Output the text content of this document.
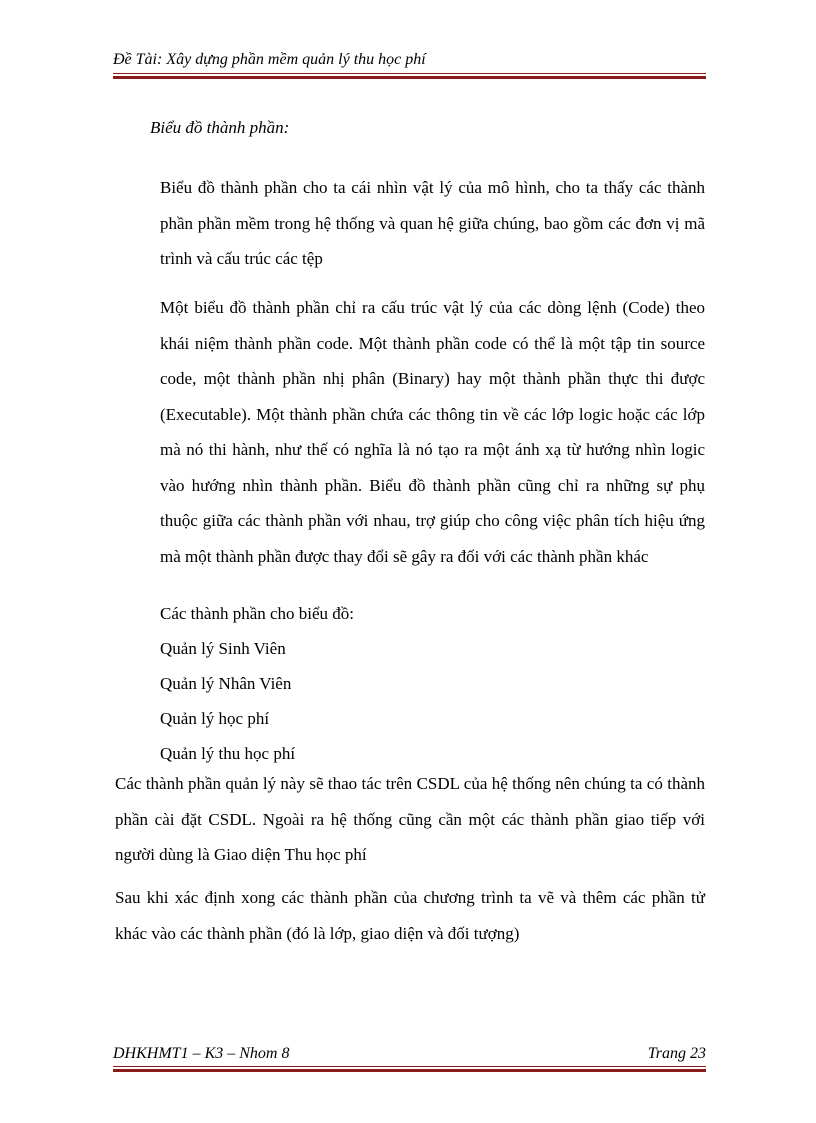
Đề Tài: Xây dựng phần mềm quản lý thu học phí
Biểu đồ thành phần:
Biểu đồ thành phần cho ta cái nhìn vật lý của mô hình, cho ta thấy các thành phần phần mềm trong hệ thống và quan hệ giữa chúng, bao gồm các đơn vị mã trình và cấu trúc các tệp
Một biểu đồ thành phần chỉ ra cấu trúc vật lý của các dòng lệnh (Code) theo khái niệm thành phần code. Một thành phần code có thể là một tập tin source code, một thành phần nhị phân (Binary) hay một thành phần thực thi được (Executable). Một thành phần chứa các thông tin về các lớp logic hoặc các lớp mà nó thi hành, như thế có nghĩa là nó tạo ra một ánh xạ từ hướng nhìn logic vào hướng nhìn thành phần. Biểu đồ thành phần cũng chỉ ra những sự phụ thuộc giữa các thành phần với nhau, trợ giúp cho công việc phân tích hiệu ứng mà một thành phần được thay đổi sẽ gây ra đối với các thành phần khác
Các thành phần cho biểu đồ:
Quản lý Sinh Viên
Quản lý Nhân Viên
Quản lý học phí
Quản lý thu học phí
Các thành phần quản lý này sẽ thao tác trên CSDL của hệ thống nên chúng ta có thành phần cài đặt CSDL. Ngoài ra hệ thống cũng cần một các thành phần giao tiếp với người dùng là Giao diện Thu học phí
Sau khi xác định xong các thành phần của chương trình ta vẽ và thêm các phần tử khác vào các thành phần (đó là lớp, giao diện và đối tượng)
DHKHMT1 – K3 – Nhom 8	Trang 23
